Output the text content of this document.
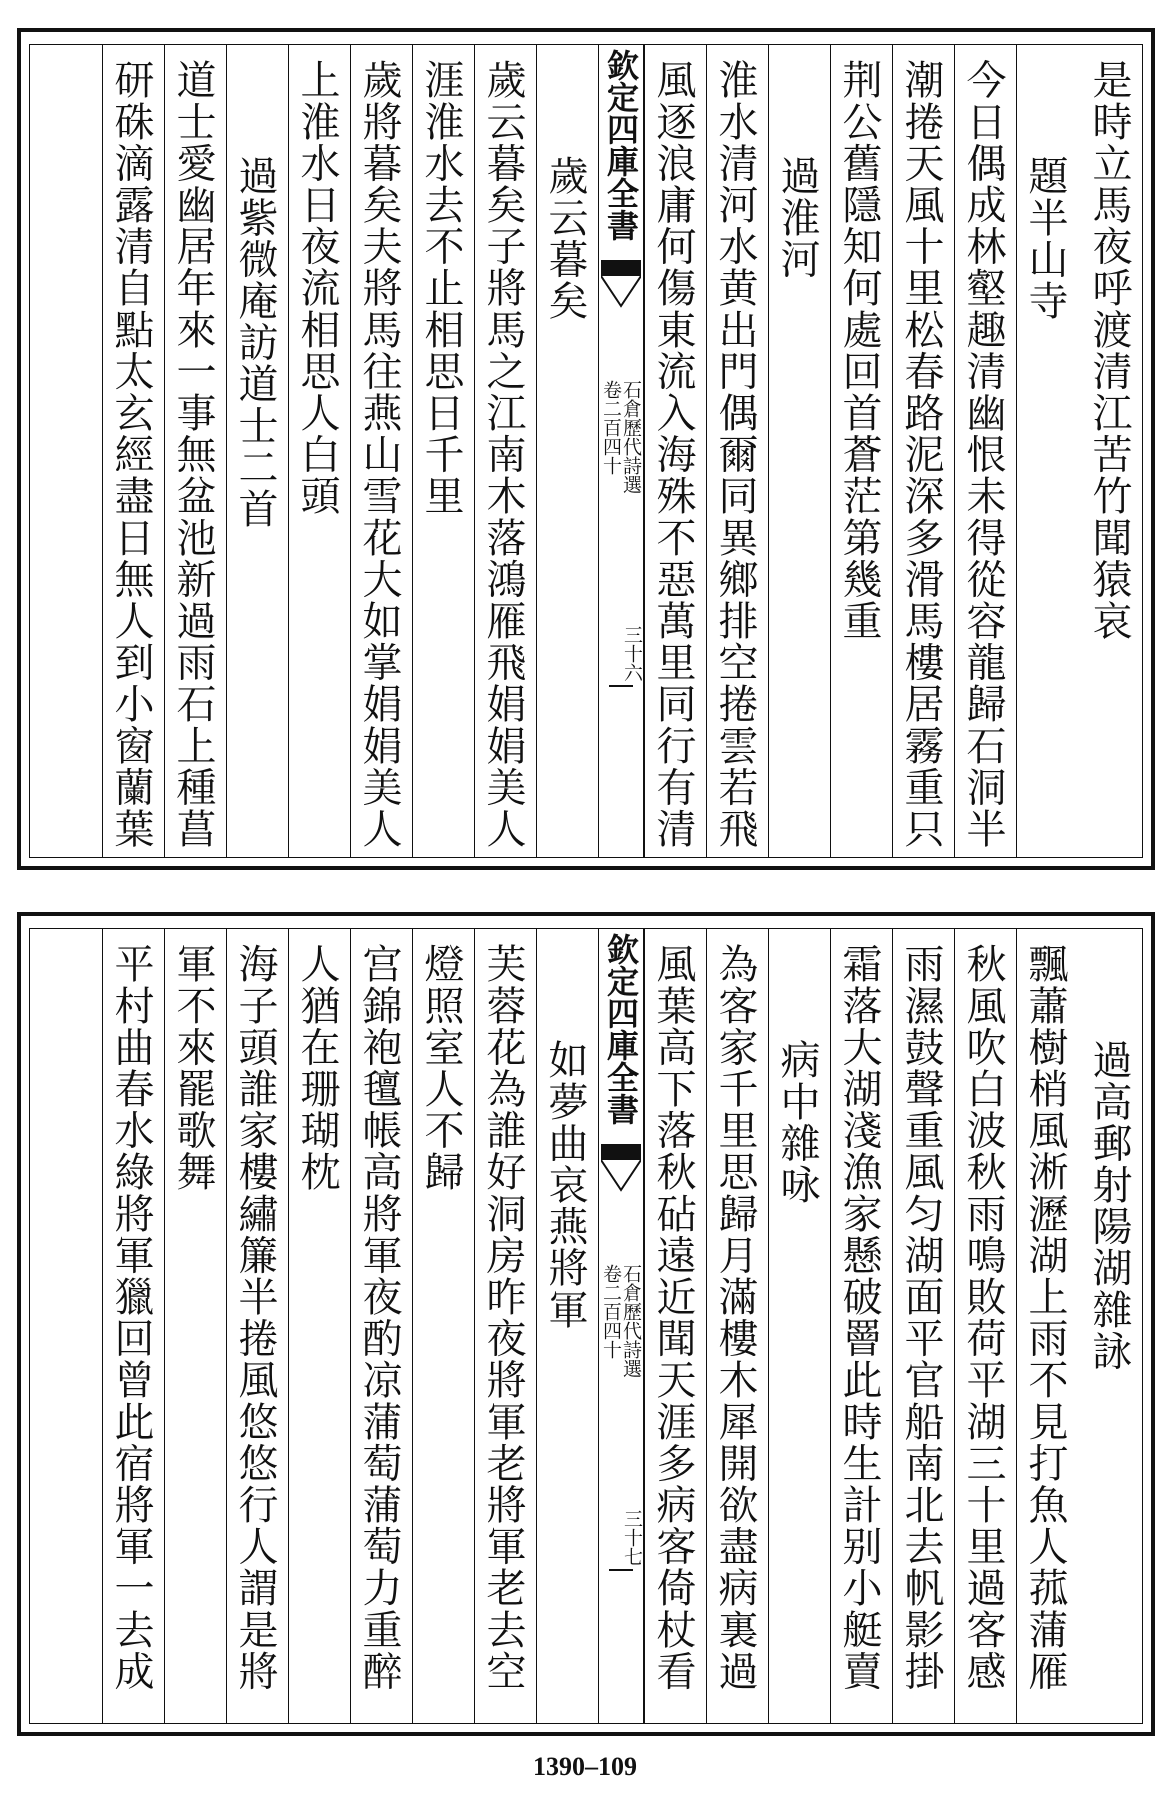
是時立馬夜呼渡清江苦竹聞猿哀
題半山寺
今日偶成林壑趣清幽恨未得從容龍歸石洞半
潮捲天風十里松春路泥深多滑馬樓居霧重只
荆公舊隱知何處回首蒼茫第幾重
過淮河
淮水清河水黄出門偶爾同異鄉排空捲雲若飛
風逐浪庸何傷東流入海殊不惡萬里同行有清
欽定四庫全書
卷二百四十
石倉歷代詩選
三十六
歲云暮矣
歲云暮矣子將馬之江南木落鴻雁飛娟娟美人
涯淮水去不止相思日千里
歲將暮矣夫將馬往燕山雪花大如掌娟娟美人
上淮水日夜流相思人白頭
過紫微庵訪道士二首
道士愛幽居年來一事無盆池新過雨石上種菖
研硃滴露清自點太玄經盡日無人到小窗蘭葉
過高郵射陽湖雜詠
飄蕭樹梢風淅瀝湖上雨不見打魚人菰蒲雁
秋風吹白波秋雨鳴敗荷平湖三十里過客感
雨濕鼓聲重風匀湖面平官船南北去帆影掛
霜落大湖淺漁家懸破罾此時生計别小艇賣
病中雜咏
為客家千里思歸月滿樓木犀開欲盡病裏過
風葉高下落秋砧遠近聞天涯多病客倚杖看
欽定四庫全書
卷二百四十
石倉歷代詩選
三十七
如夢曲哀燕將軍
芙蓉花為誰好洞房昨夜將軍老將軍老去空
燈照室人不歸
宫錦袍氊帳高將軍夜酌凉蒲萄蒲萄力重醉
人猶在珊瑚枕
海子頭誰家樓繡簾半捲風悠悠行人謂是將
軍不來罷歌舞
平村曲春水綠將軍獵回曾此宿將軍一去成
1390–109
